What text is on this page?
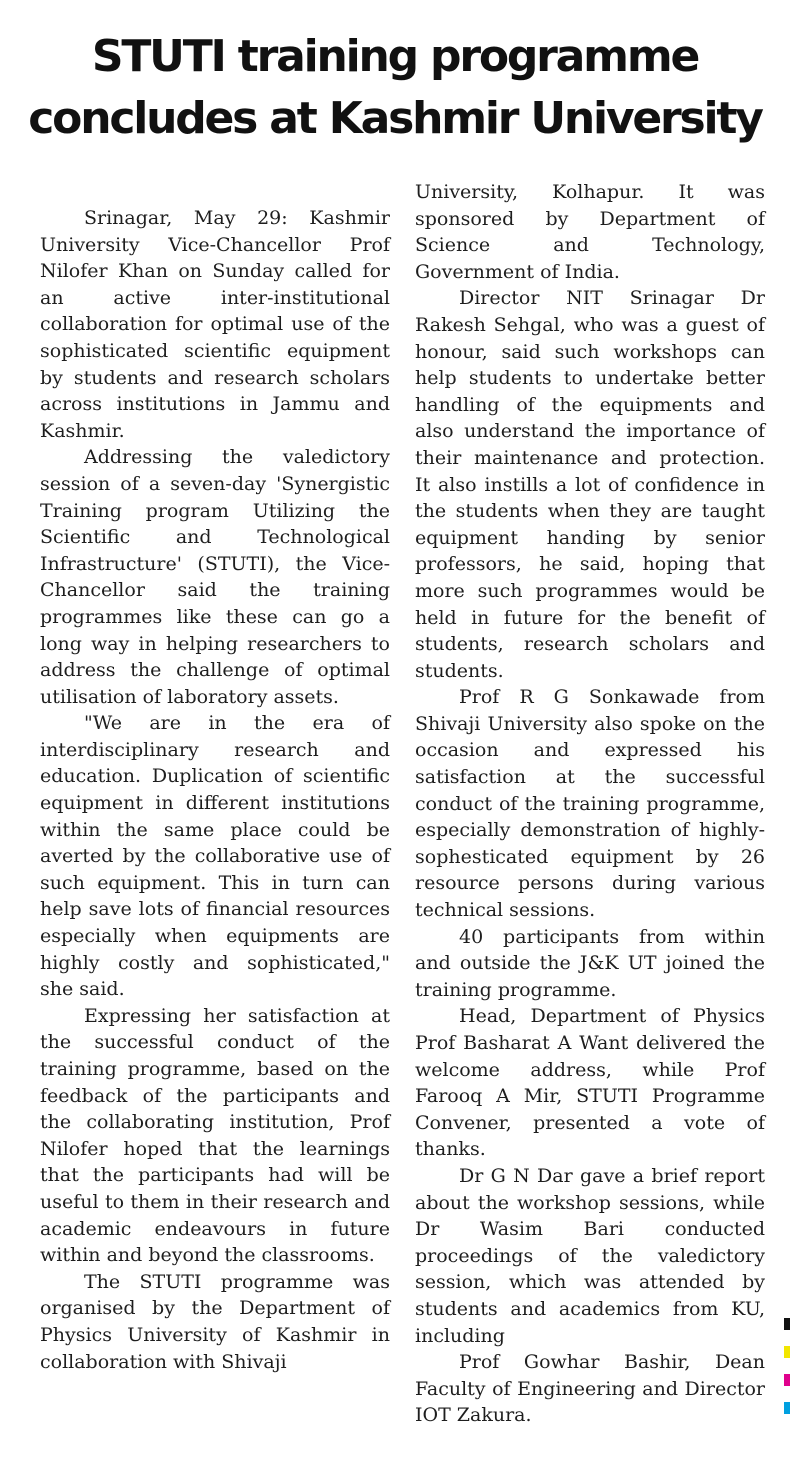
STUTI training programme
concludes at Kashmir University

Srinagar, May 29: Kashmir University Vice-Chancellor Prof Nilofer Khan on Sunday called for an active inter-institutional collaboration for optimal use of the sophisticated scientific equipment by students and research scholars across institutions in Jammu and Kashmir.

Addressing the valedictory session of a seven-day 'Synergistic Training program Utilizing the Scientific and Technological Infrastructure' (STUTI), the Vice-Chancellor said the training programmes like these can go a long way in helping researchers to address the challenge of optimal utilisation of laboratory assets.

"We are in the era of interdisciplinary research and education. Duplication of scientific equipment in different institutions within the same place could be averted by the collaborative use of such equipment. This in turn can help save lots of financial resources especially when equipments are highly costly and sophisticated," she said.

Expressing her satisfaction at the successful conduct of the training programme, based on the feedback of the participants and the collaborating institution, Prof Nilofer hoped that the learnings that the participants had will be useful to them in their research and academic endeavours in future within and beyond the classrooms.

The STUTI programme was organised by the Department of Physics University of Kashmir in collaboration with Shivaji

University, Kolhapur. It was sponsored by Department of Science and Technology, Government of India.

Director NIT Srinagar Dr Rakesh Sehgal, who was a guest of honour, said such workshops can help students to undertake better handling of the equipments and also understand the importance of their maintenance and protection. It also instills a lot of confidence in the students when they are taught equipment handing by senior professors, he said, hoping that more such programmes would be held in future for the benefit of students, research scholars and students.

Prof R G Sonkawade from Shivaji University also spoke on the occasion and expressed his satisfaction at the successful conduct of the training programme, especially demonstration of highly-sophesticated equipment by 26 resource persons during various technical sessions.

40 participants from within and outside the J&K UT joined the training programme.

Head, Department of Physics Prof Basharat A Want delivered the welcome address, while Prof Farooq A Mir, STUTI Programme Convener, presented a vote of thanks.

Dr G N Dar gave a brief report about the workshop sessions, while Dr Wasim Bari conducted proceedings of the valedictory session, which was attended by students and academics from KU, including

Prof Gowhar Bashir, Dean Faculty of Engineering and Director IOT Zakura.
